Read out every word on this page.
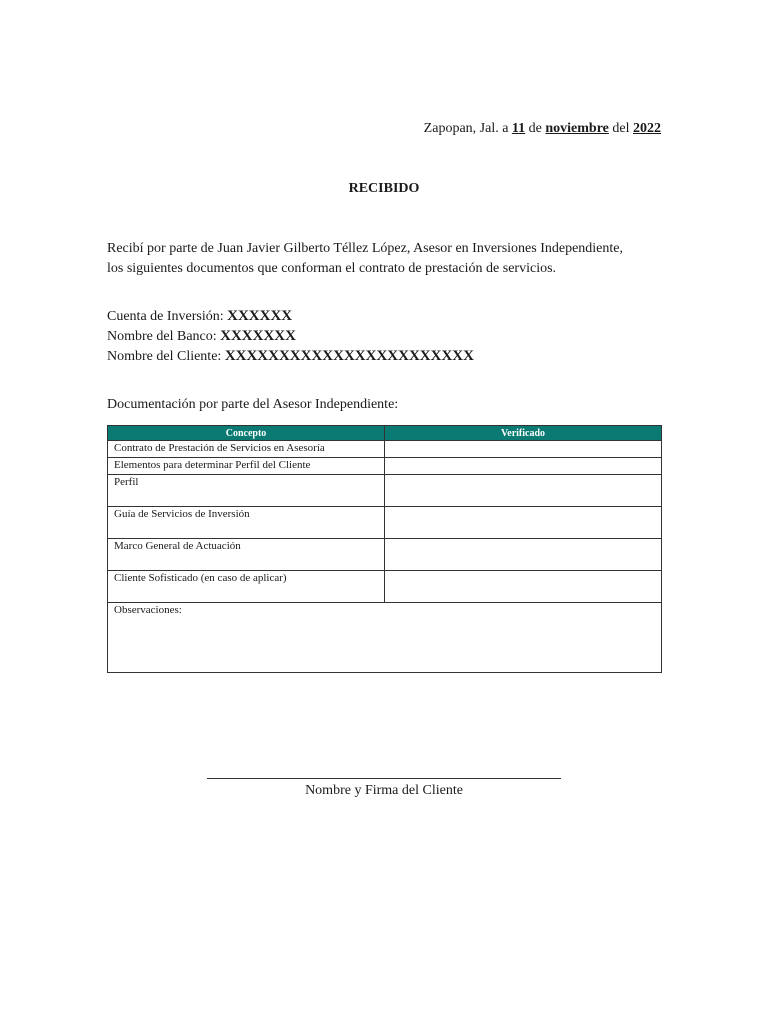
Zapopan, Jal. a 11 de noviembre del 2022
RECIBIDO
Recibí por parte de Juan Javier Gilberto Téllez López, Asesor en Inversiones Independiente, los siguientes documentos que conforman el contrato de prestación de servicios.
Cuenta de Inversión: XXXXXX
Nombre del Banco: XXXXXXX
Nombre del Cliente: XXXXXXXXXXXXXXXXXXXXXXX
Documentación por parte del Asesor Independiente:
Concepto	Verificado
Contrato de Prestación de Servicios en Asesoría	
Elementos para determinar Perfil del Cliente	
Perfil	
Guía de Servicios de Inversión	
Marco General de Actuación	
Cliente Sofisticado (en caso de aplicar)	
Observaciones:	
Nombre y Firma del Cliente
